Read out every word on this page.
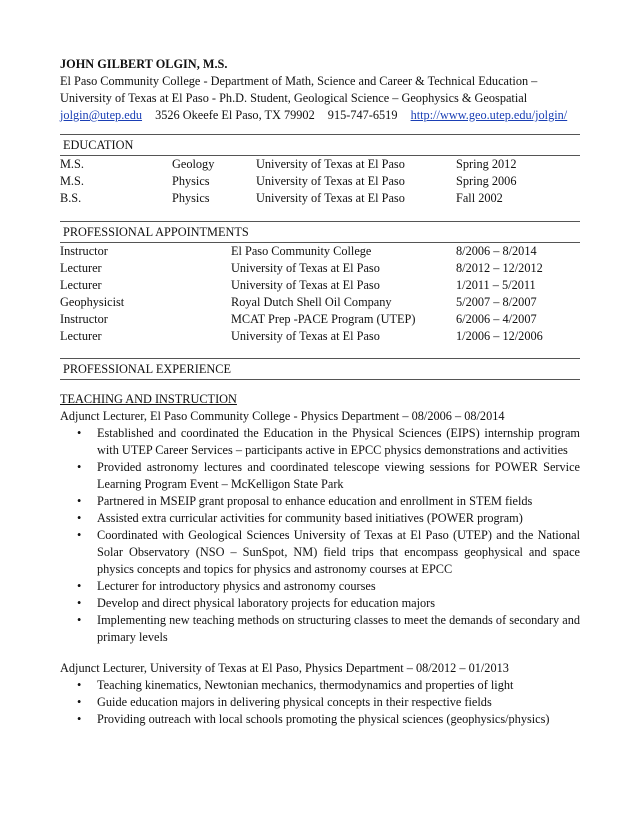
JOHN GILBERT OLGIN, M.S.
El Paso Community College - Department of Math, Science and Career & Technical Education –
University of Texas at El Paso - Ph.D. Student, Geological Science – Geophysics & Geospatial
jolgin@utep.edu 3526 Okeefe El Paso, TX 79902 915-747-6519 http://www.geo.utep.edu/jolgin/
EDUCATION
M.S.	Geology	University of Texas at El Paso	Spring 2012
M.S.	Physics	University of Texas at El Paso	Spring 2006
B.S.	Physics	University of Texas at El Paso	Fall 2002
PROFESSIONAL APPOINTMENTS
Instructor	El Paso Community College	8/2006 – 8/2014
Lecturer	University of Texas at El Paso	8/2012 – 12/2012
Lecturer	University of Texas at El Paso	1/2011 – 5/2011
Geophysicist	Royal Dutch Shell Oil Company	5/2007 – 8/2007
Instructor	MCAT Prep -PACE Program (UTEP)	6/2006 – 4/2007
Lecturer	University of Texas at El Paso	1/2006 – 12/2006
PROFESSIONAL EXPERIENCE
TEACHING AND INSTRUCTION
Adjunct Lecturer, El Paso Community College - Physics Department – 08/2006 – 08/2014
• Established and coordinated the Education in the Physical Sciences (EIPS) internship program with UTEP Career Services – participants active in EPCC physics demonstrations and activities
• Provided astronomy lectures and coordinated telescope viewing sessions for POWER Service Learning Program Event – McKelligon State Park
• Partnered in MSEIP grant proposal to enhance education and enrollment in STEM fields
• Assisted extra curricular activities for community based initiatives (POWER program)
• Coordinated with Geological Sciences University of Texas at El Paso (UTEP) and the National Solar Observatory (NSO – SunSpot, NM) field trips that encompass geophysical and space physics concepts and topics for physics and astronomy courses at EPCC
• Lecturer for introductory physics and astronomy courses
• Develop and direct physical laboratory projects for education majors
• Implementing new teaching methods on structuring classes to meet the demands of secondary and primary levels
Adjunct Lecturer, University of Texas at El Paso, Physics Department – 08/2012 – 01/2013
• Teaching kinematics, Newtonian mechanics, thermodynamics and properties of light
• Guide education majors in delivering physical concepts in their respective fields
• Providing outreach with local schools promoting the physical sciences (geophysics/physics)
